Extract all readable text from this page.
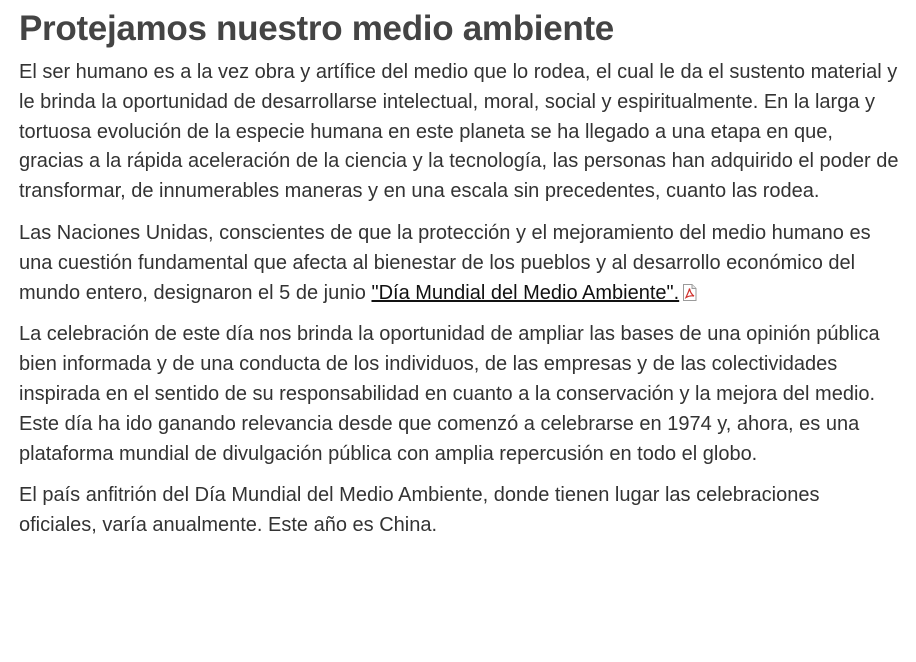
Protejamos nuestro medio ambiente

El ser humano es a la vez obra y artífice del medio que lo rodea, el cual le da el sustento material y le brinda la oportunidad de desarrollarse intelectual, moral, social y espiritualmente. En la larga y tortuosa evolución de la especie humana en este planeta se ha llegado a una etapa en que, gracias a la rápida aceleración de la ciencia y la tecnología, las personas han adquirido el poder de transformar, de innumerables maneras y en una escala sin precedentes, cuanto las rodea.

Las Naciones Unidas, conscientes de que la protección y el mejoramiento del medio humano es una cuestión fundamental que afecta al bienestar de los pueblos y al desarrollo económico del mundo entero, designaron el 5 de junio "Día Mundial del Medio Ambiente".

La celebración de este día nos brinda la oportunidad de ampliar las bases de una opinión pública bien informada y de una conducta de los individuos, de las empresas y de las colectividades inspirada en el sentido de su responsabilidad en cuanto a la conservación y la mejora del medio. Este día ha ido ganando relevancia desde que comenzó a celebrarse en 1974 y, ahora, es una plataforma mundial de divulgación pública con amplia repercusión en todo el globo.

El país anfitrión del Día Mundial del Medio Ambiente, donde tienen lugar las celebraciones oficiales, varía anualmente. Este año es China.
